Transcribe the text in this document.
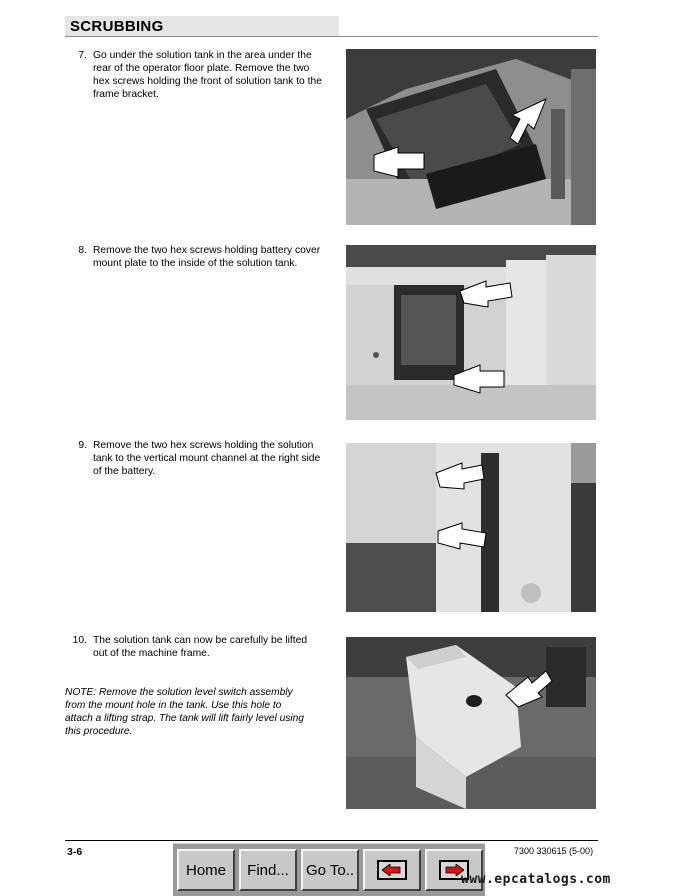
SCRUBBING
7. Go under the solution tank in the area under the rear of the operator floor plate. Remove the two hex screws holding the front of solution tank to the frame bracket.
8. Remove the two hex screws holding battery cover mount plate to the inside of the solution tank.
9. Remove the two hex screws holding the solution tank to the vertical mount channel at the right side of the battery.
10. The solution tank can now be carefully be lifted out of the machine frame.
NOTE: Remove the solution level switch assembly from the mount hole in the tank. Use this hole to attach a lifting strap. The tank will lift fairly level using this procedure.
3-6	7300 330615 (5-00)
Home Find... Go To..
www.epcatalogs.com
